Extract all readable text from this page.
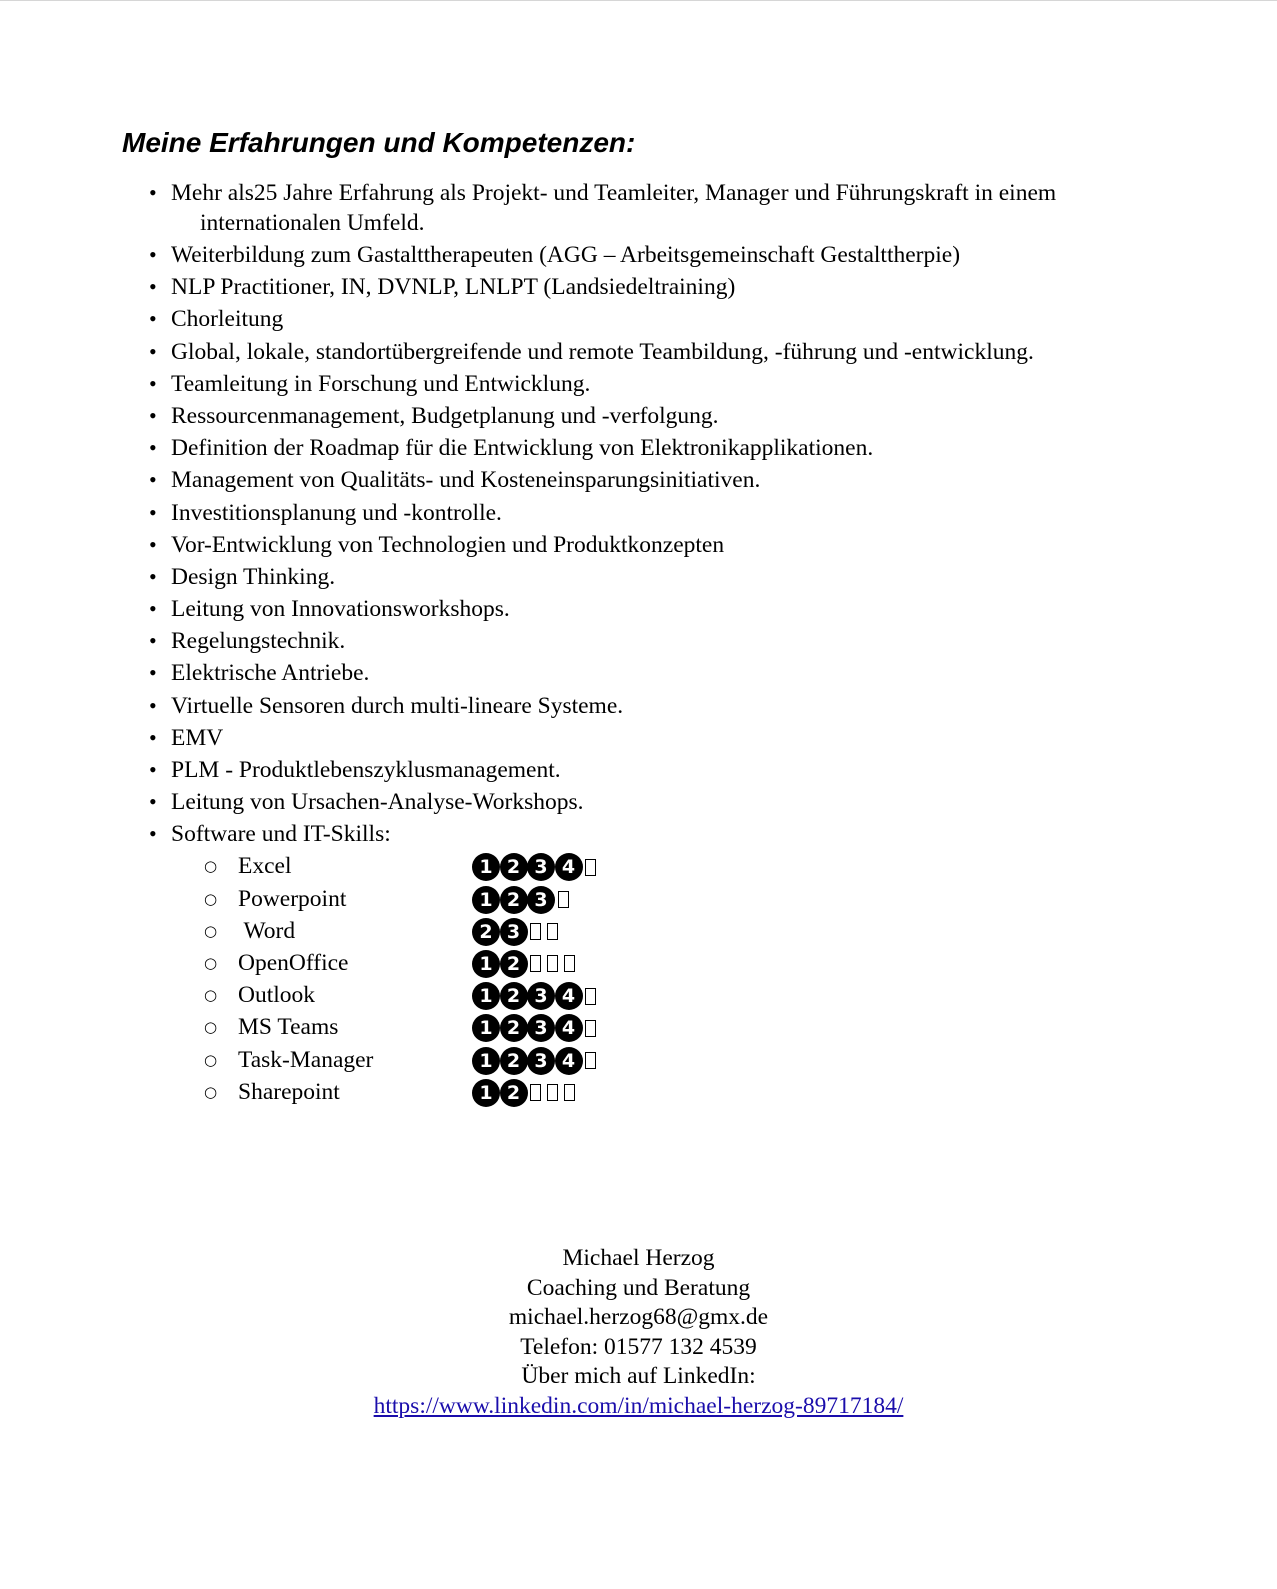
Meine Erfahrungen und Kompetenzen:
• Mehr als25 Jahre Erfahrung als Projekt- und Teamleiter, Manager und Führungskraft in einem internationalen Umfeld.
• Weiterbildung zum Gastalttherapeuten (AGG – Arbeitsgemeinschaft Gestalttherpie)
• NLP Practitioner, IN, DVNLP, LNLPT (Landsiedeltraining)
• Chorleitung
• Global, lokale, standortübergreifende und remote Teambildung, -führung und -entwicklung.
• Teamleitung in Forschung und Entwicklung.
• Ressourcenmanagement, Budgetplanung und -verfolgung.
• Definition der Roadmap für die Entwicklung von Elektronikapplikationen.
• Management von Qualitäts- und Kosteneinsparungsinitiativen.
• Investitionsplanung und -kontrolle.
• Vor-Entwicklung von Technologien und Produktkonzepten
• Design Thinking.
• Leitung von Innovationsworkshops.
• Regelungstechnik.
• Elektrische Antriebe.
• Virtuelle Sensoren durch multi-lineare Systeme.
• EMV
• PLM - Produktlebenszyklusmanagement.
• Leitung von Ursachen-Analyse-Workshops.
• Software und IT-Skills:
○ Excel	1 2 3 4
○ Powerpoint	1 2 3
○ Word	2 3
○ OpenOffice	1 2
○ Outlook	1 2 3 4
○ MS Teams	1 2 3 4
○ Task-Manager	1 2 3 4
○ Sharepoint	1 2
Michael Herzog
Coaching und Beratung
michael.herzog68@gmx.de
Telefon: 01577 132 4539
Über mich auf LinkedIn:
https://www.linkedin.com/in/michael-herzog-89717184/
